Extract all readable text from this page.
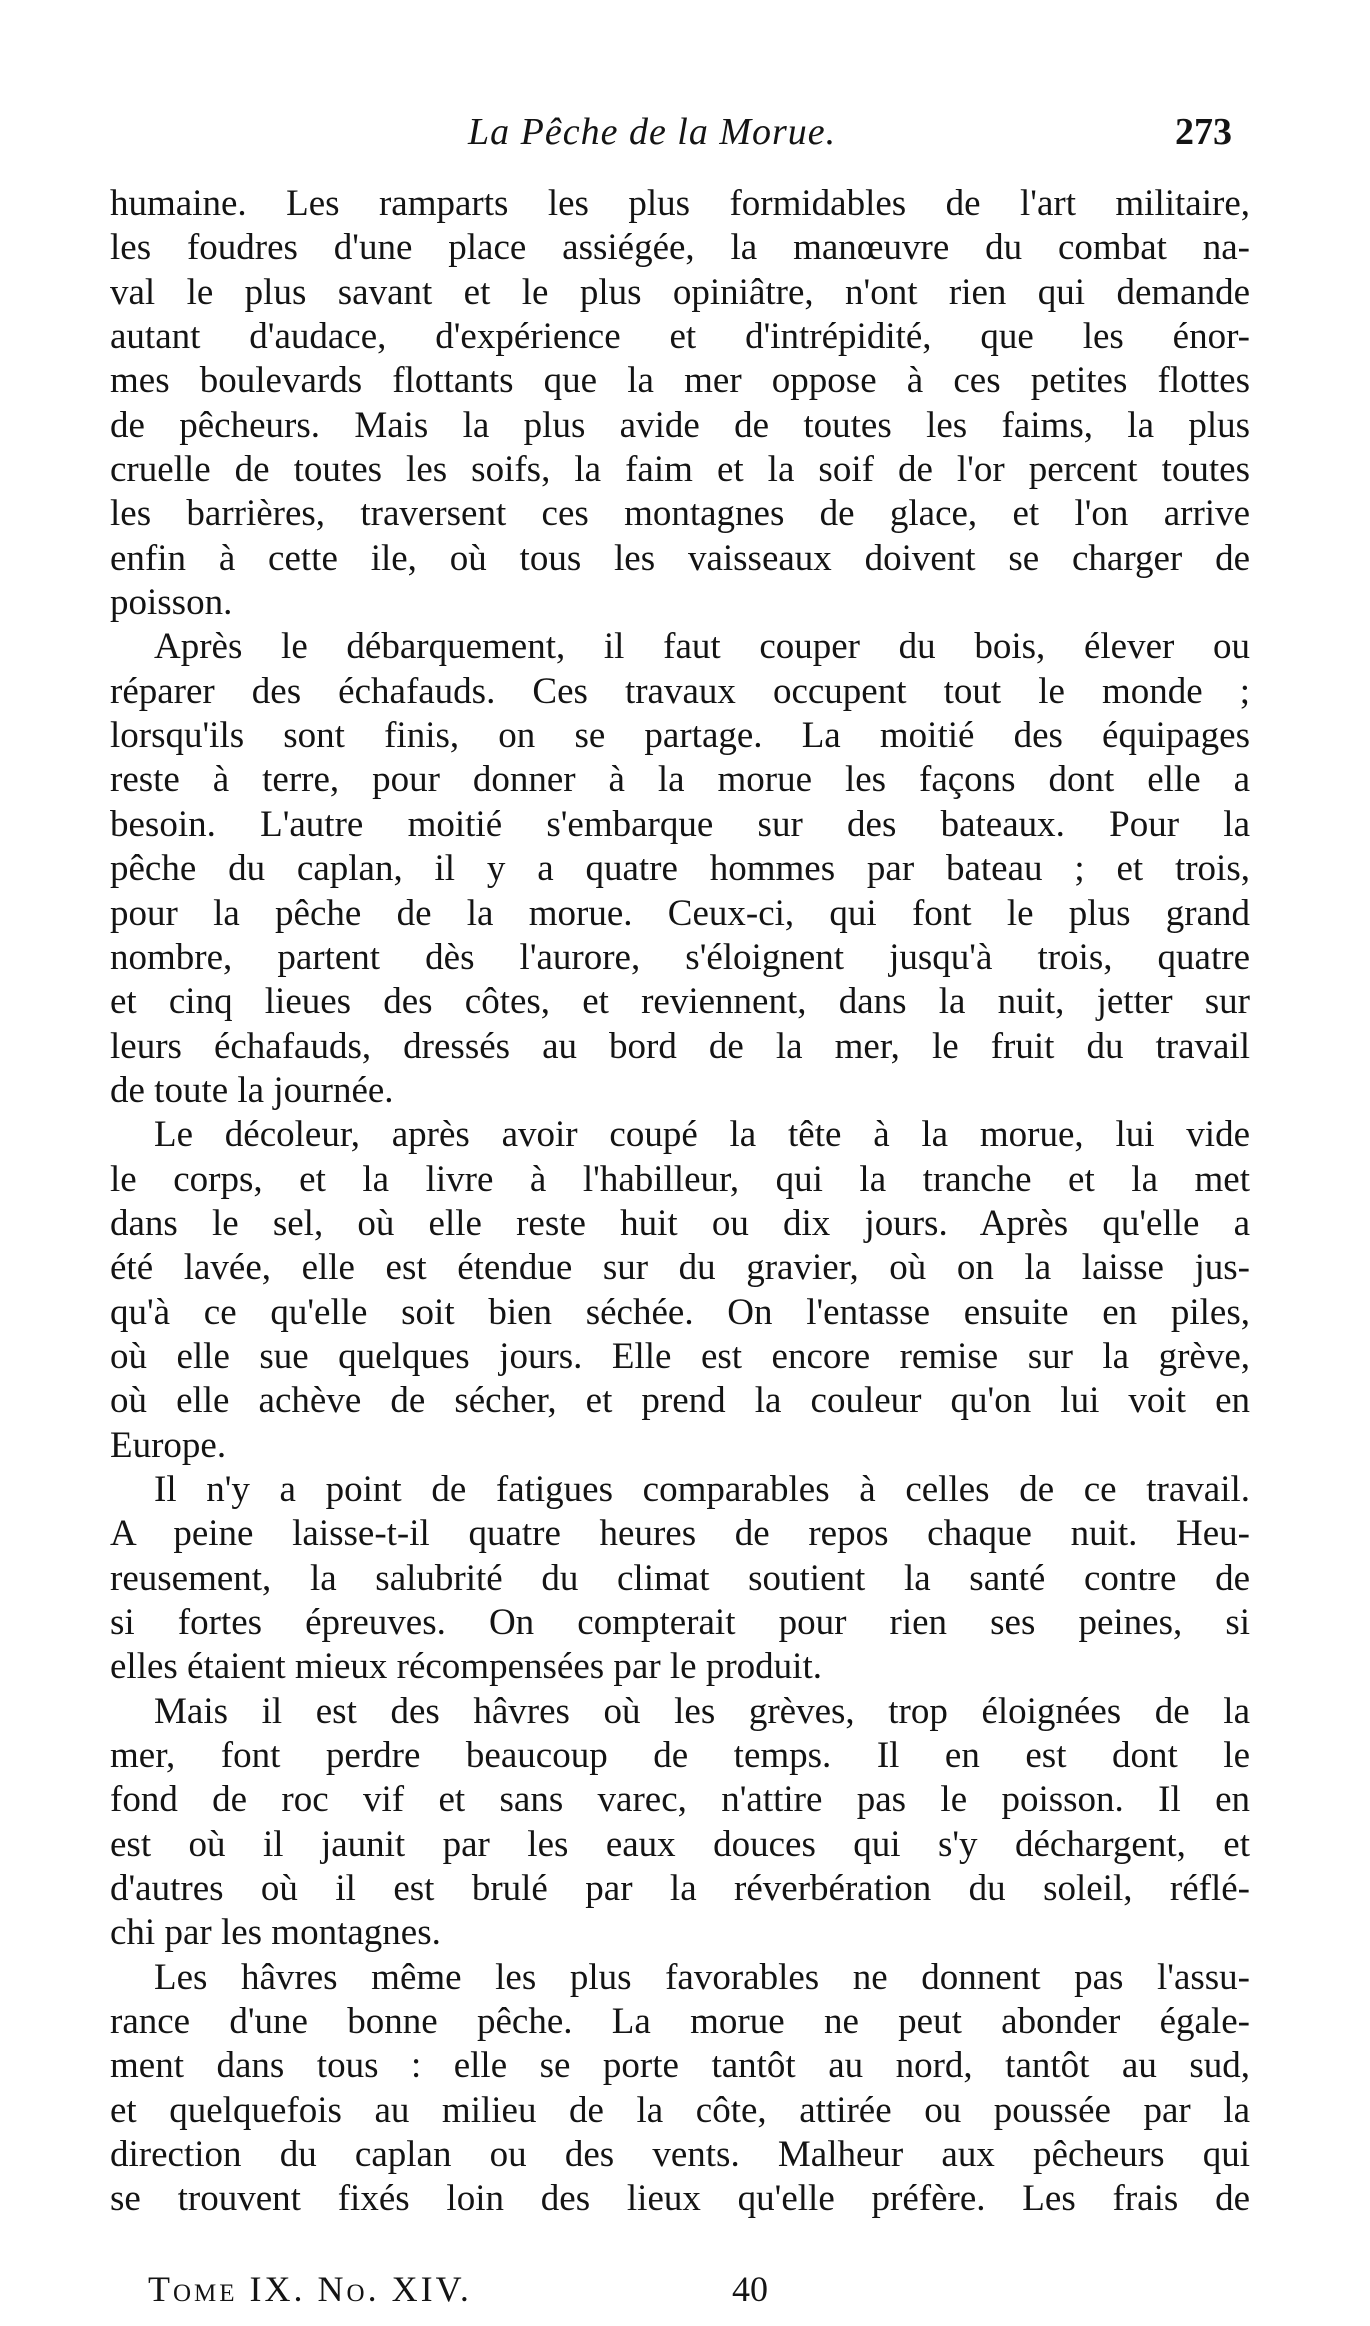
La Pêche de la Morue.	273
humaine. Les ramparts les plus formidables de l'art militaire,
les foudres d'une place assiégée, la manœuvre du combat na-
val le plus savant et le plus opiniâtre, n'ont rien qui demande
autant d'audace, d'expérience et d'intrépidité, que les énor-
mes boulevards flottants que la mer oppose à ces petites flottes
de pêcheurs. Mais la plus avide de toutes les faims, la plus
cruelle de toutes les soifs, la faim et la soif de l'or percent toutes
les barrières, traversent ces montagnes de glace, et l'on arrive
enfin à cette ile, où tous les vaisseaux doivent se charger de
poisson.
Après le débarquement, il faut couper du bois, élever ou
réparer des échafauds. Ces travaux occupent tout le monde ;
lorsqu'ils sont finis, on se partage. La moitié des équipages
reste à terre, pour donner à la morue les façons dont elle a
besoin. L'autre moitié s'embarque sur des bateaux. Pour la
pêche du caplan, il y a quatre hommes par bateau ; et trois,
pour la pêche de la morue. Ceux-ci, qui font le plus grand
nombre, partent dès l'aurore, s'éloignent jusqu'à trois, quatre
et cinq lieues des côtes, et reviennent, dans la nuit, jetter sur
leurs échafauds, dressés au bord de la mer, le fruit du travail
de toute la journée.
Le décoleur, après avoir coupé la tête à la morue, lui vide
le corps, et la livre à l'habilleur, qui la tranche et la met
dans le sel, où elle reste huit ou dix jours. Après qu'elle a
été lavée, elle est étendue sur du gravier, où on la laisse jus-
qu'à ce qu'elle soit bien séchée. On l'entasse ensuite en piles,
où elle sue quelques jours. Elle est encore remise sur la grève,
où elle achève de sécher, et prend la couleur qu'on lui voit en
Europe.
Il n'y a point de fatigues comparables à celles de ce travail.
A peine laisse-t-il quatre heures de repos chaque nuit. Heu-
reusement, la salubrité du climat soutient la santé contre de
si fortes épreuves. On compterait pour rien ses peines, si
elles étaient mieux récompensées par le produit.
Mais il est des hâvres où les grèves, trop éloignées de la
mer, font perdre beaucoup de temps. Il en est dont le
fond de roc vif et sans varec, n'attire pas le poisson. Il en
est où il jaunit par les eaux douces qui s'y déchargent, et
d'autres où il est brulé par la réverbération du soleil, réflé-
chi par les montagnes.
Les hâvres même les plus favorables ne donnent pas l'assu-
rance d'une bonne pêche. La morue ne peut abonder égale-
ment dans tous : elle se porte tantôt au nord, tantôt au sud,
et quelquefois au milieu de la côte, attirée ou poussée par la
direction du caplan ou des vents. Malheur aux pêcheurs qui
se trouvent fixés loin des lieux qu'elle préfère. Les frais de
Tome IX. No. XIV.	40
